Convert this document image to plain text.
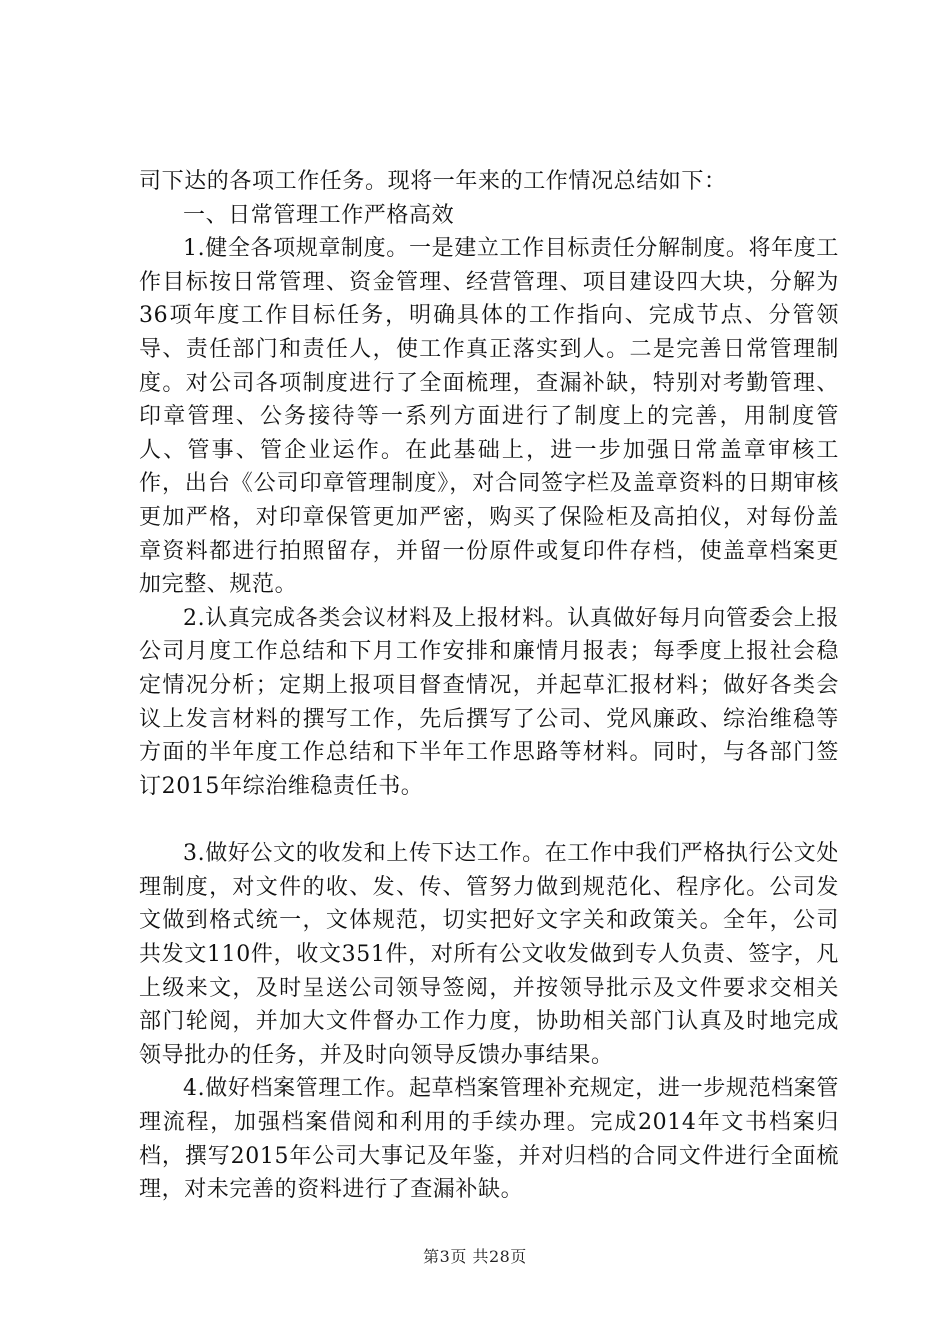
司下达的各项工作任务。现将一年来的工作情况总结如下：

一、日常管理工作严格高效

1.健全各项规章制度。一是建立工作目标责任分解制度。将年度工作目标按日常管理、资金管理、经营管理、项目建设四大块，分解为36项年度工作目标任务，明确具体的工作指向、完成节点、分管领导、责任部门和责任人，使工作真正落实到人。二是完善日常管理制度。对公司各项制度进行了全面梳理，查漏补缺，特别对考勤管理、印章管理、公务接待等一系列方面进行了制度上的完善，用制度管人、管事、管企业运作。在此基础上，进一步加强日常盖章审核工作，出台《公司印章管理制度》，对合同签字栏及盖章资料的日期审核更加严格，对印章保管更加严密，购买了保险柜及高拍仪，对每份盖章资料都进行拍照留存，并留一份原件或复印件存档，使盖章档案更加完整、规范。

2.认真完成各类会议材料及上报材料。认真做好每月向管委会上报公司月度工作总结和下月工作安排和廉情月报表；每季度上报社会稳定情况分析；定期上报项目督查情况，并起草汇报材料；做好各类会议上发言材料的撰写工作，先后撰写了公司、党风廉政、综治维稳等方面的半年度工作总结和下半年工作思路等材料。同时，与各部门签订2015年综治维稳责任书。

3.做好公文的收发和上传下达工作。在工作中我们严格执行公文处理制度，对文件的收、发、传、管努力做到规范化、程序化。公司发文做到格式统一，文体规范，切实把好文字关和政策关。全年，公司共发文110件，收文351件，对所有公文收发做到专人负责、签字，凡上级来文，及时呈送公司领导签阅，并按领导批示及文件要求交相关部门轮阅，并加大文件督办工作力度，协助相关部门认真及时地完成领导批办的任务，并及时向领导反馈办事结果。

4.做好档案管理工作。起草档案管理补充规定，进一步规范档案管理流程，加强档案借阅和利用的手续办理。完成2014年文书档案归档，撰写2015年公司大事记及年鉴，并对归档的合同文件进行全面梳理，对未完善的资料进行了查漏补缺。

第3页 共28页
